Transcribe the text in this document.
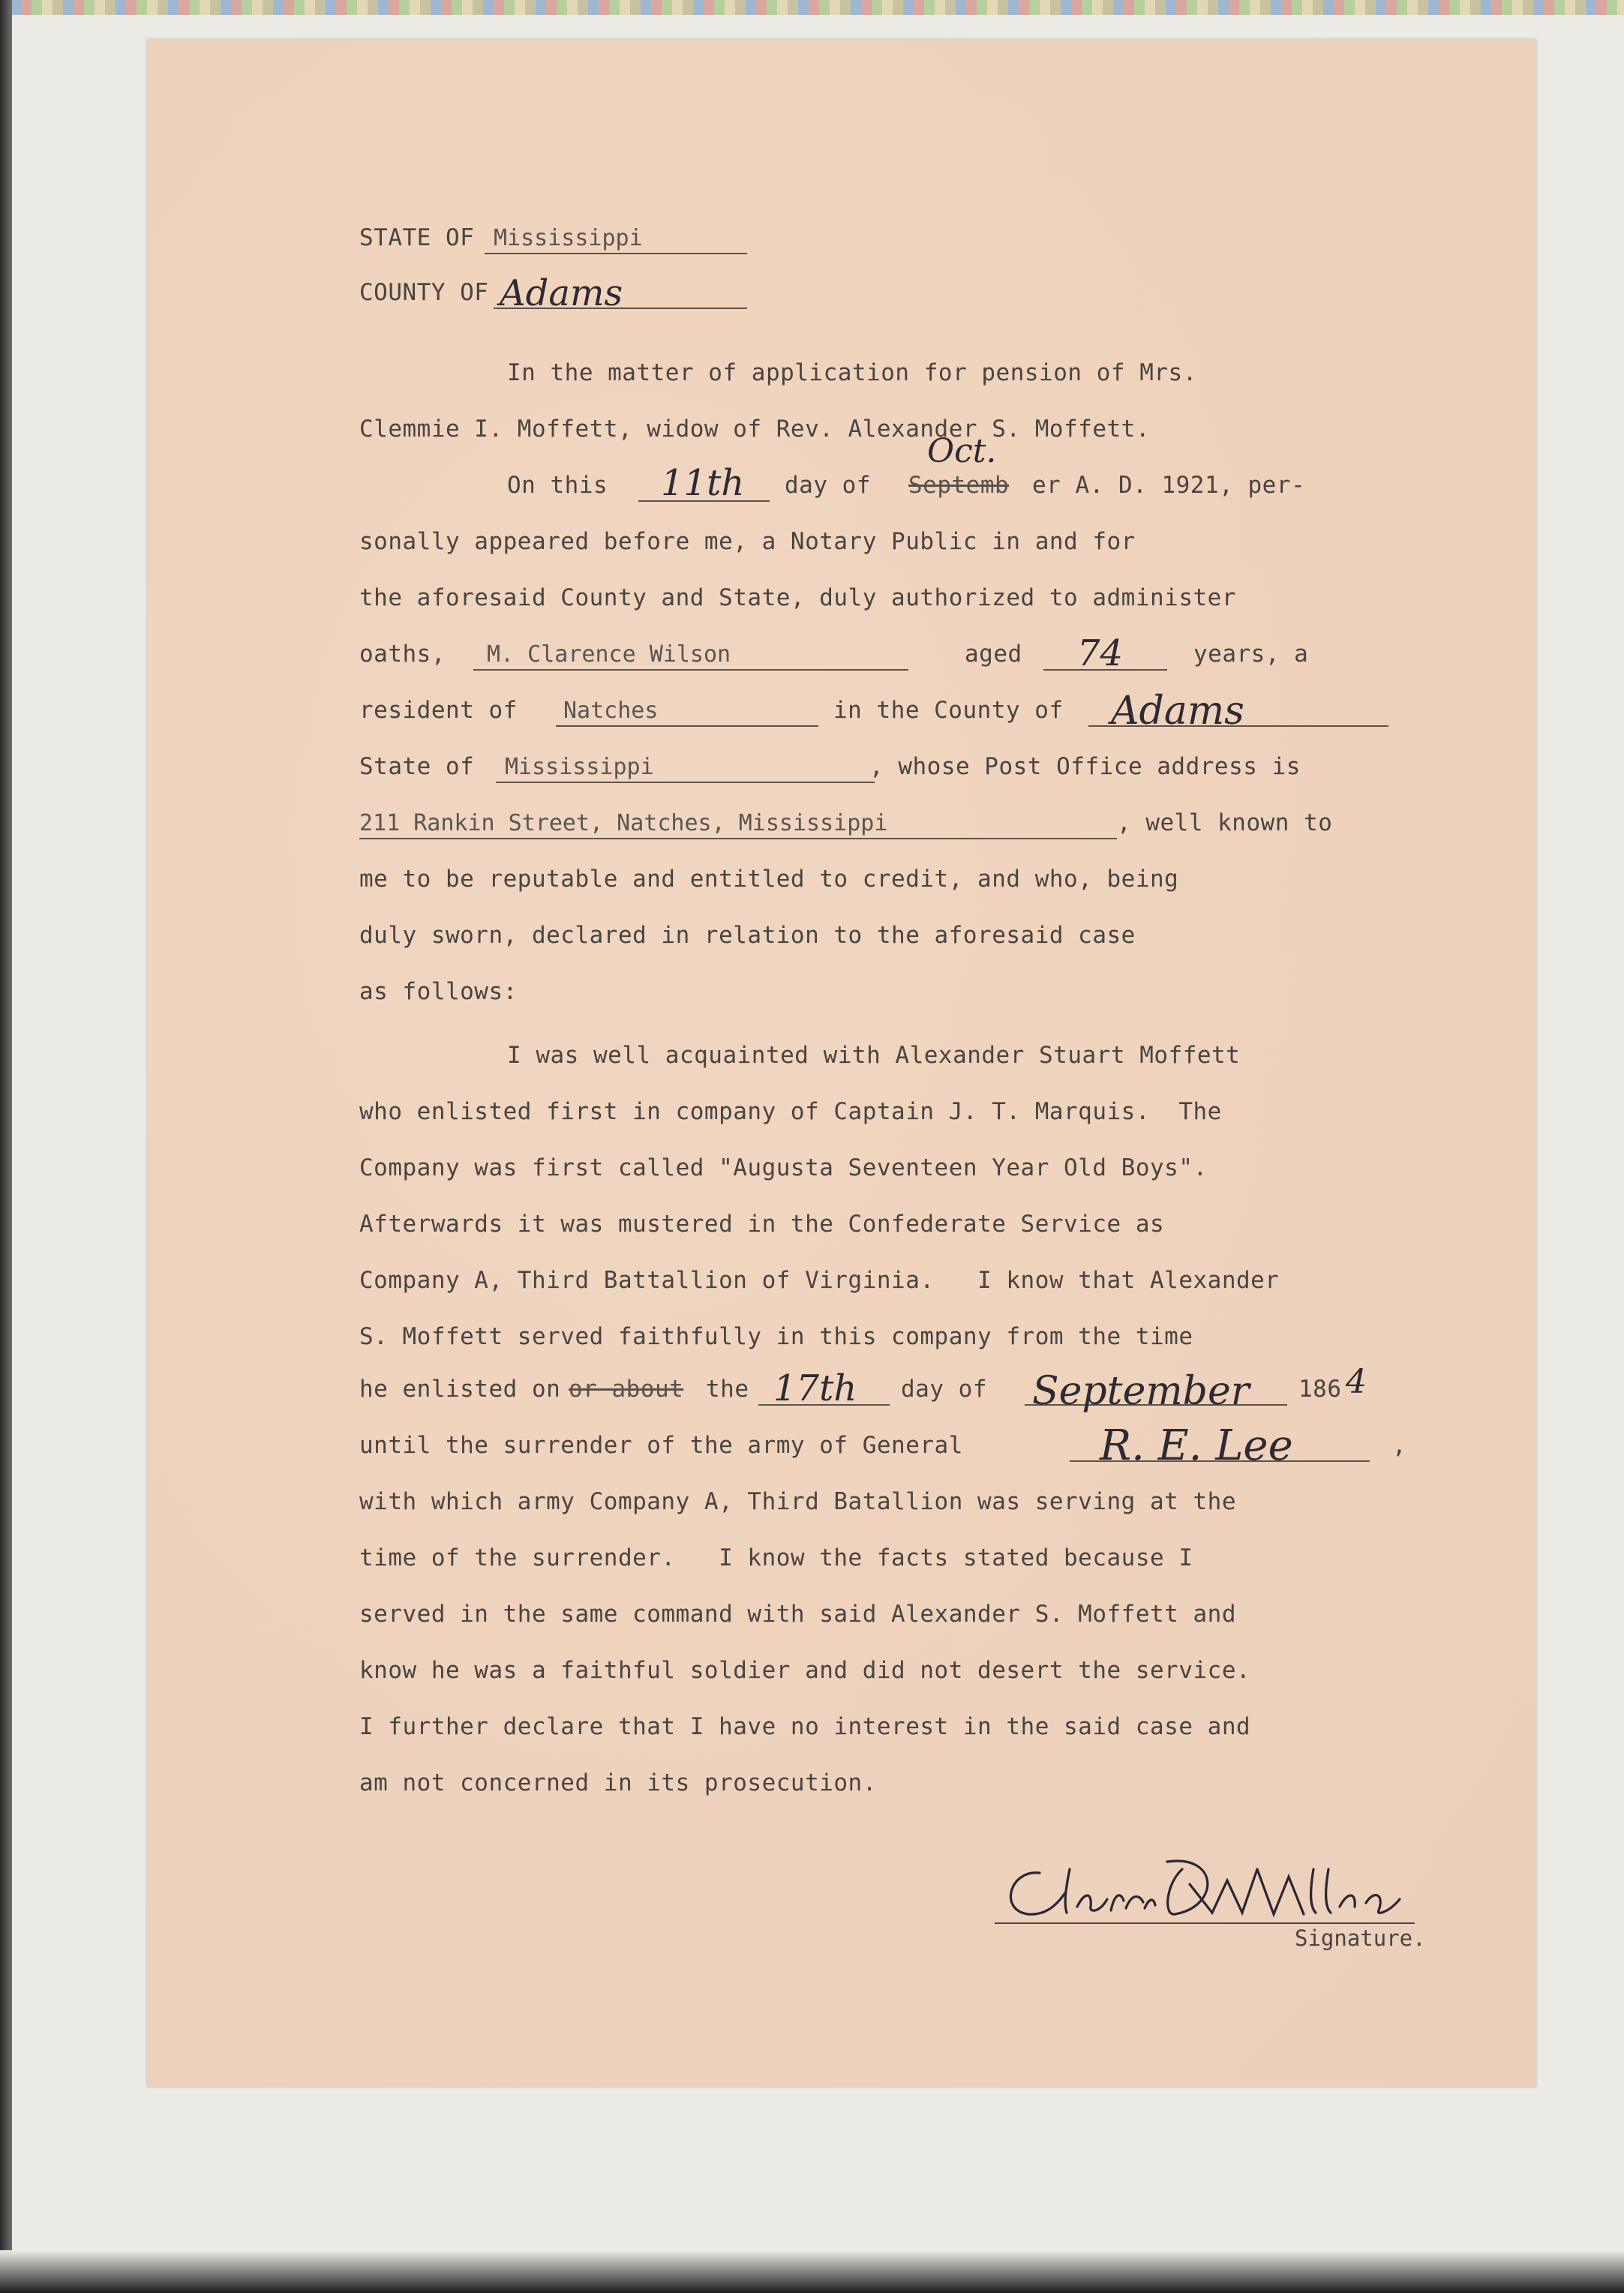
STATE OF Mississippi
COUNTY OF Adams
In the matter of application for pension of Mrs.
Clemmie I. Moffett, widow of Rev. Alexander S. Moffett.
On this 11th day of Septemb
Oct.
er A. D. 1921, per-
sonally appeared before me, a Notary Public in and for
the aforesaid County and State, duly authorized to administer
oaths, M. Clarence Wilson	aged 74	years, a
resident of Natches	in the County of Adams
State of Mississippi	, whose Post Office address is
211 Rankin Street, Natches, Mississippi	, well known to
me to be reputable and entitled to credit, and who, being
duly sworn, declared in relation to the aforesaid case
as follows:
I was well acquainted with Alexander Stuart Moffett
who enlisted first in company of Captain J. T. Marquis.  The
Company was first called "Augusta Seventeen Year Old Boys".
Afterwards it was mustered in the Confederate Service as
Company A, Third Battallion of Virginia.   I know that Alexander
S. Moffett served faithfully in this company from the time
he enlisted on or about the 17th day of September 186 4
until the surrender of the army of General	R. E. Lee	,
with which army Company A, Third Batallion was serving at the
time of the surrender.   I know the facts stated because I
served in the same command with said Alexander S. Moffett and
know he was a faithful soldier and did not desert the service.
I further declare that I have no interest in the said case and
am not concerned in its prosecution.
Signature.
